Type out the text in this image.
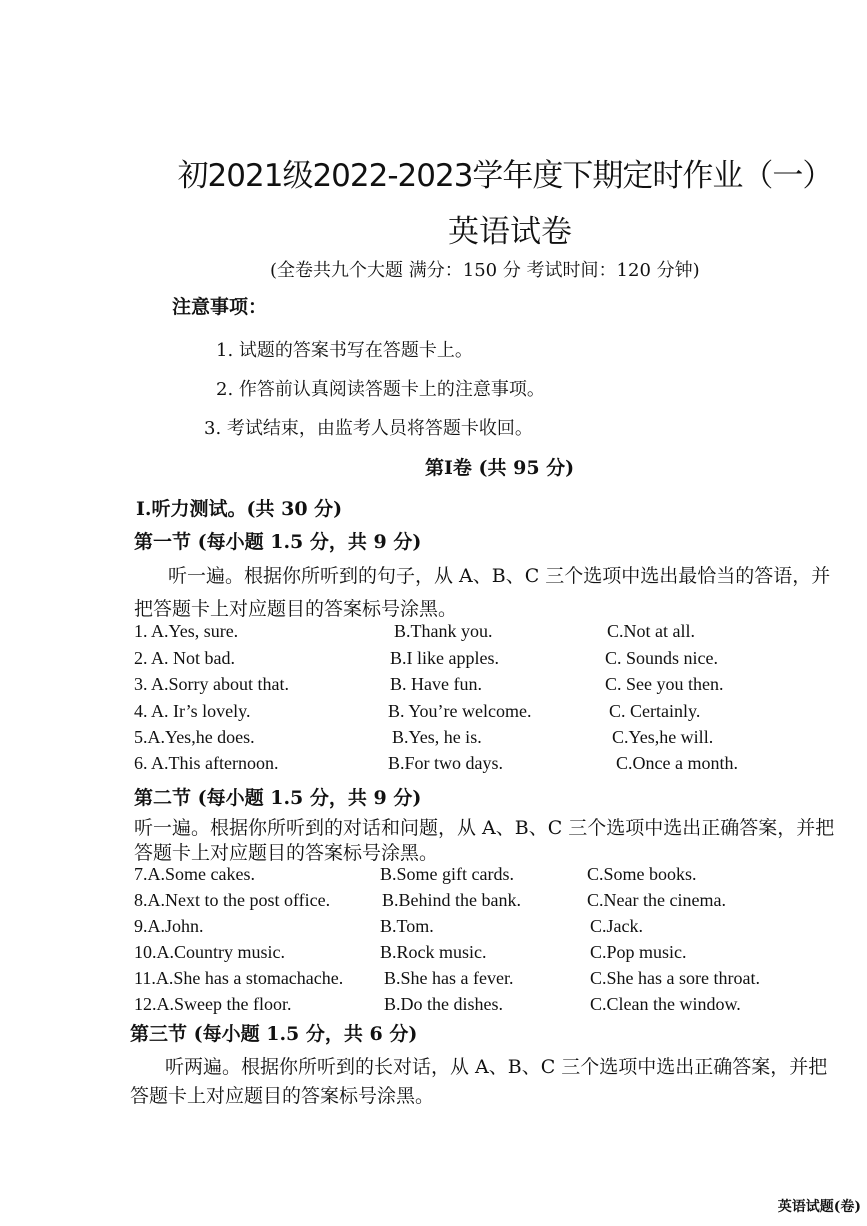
初2021级2022-2023学年度下期定时作业（一）
英语试卷
(全卷共九个大题 满分：150 分 考试时间：120 分钟)
注意事项：
1. 试题的答案书写在答题卡上。
2. 作答前认真阅读答题卡上的注意事项。
3. 考试结束，由监考人员将答题卡收回。
第Ⅰ卷 (共 95 分)
Ⅰ.听力测试。(共 30 分)
第一节 (每小题 1.5 分，共 9 分)
听一遍。根据你所听到的句子，从 A、B、C 三个选项中选出最恰当的答语，并
把答题卡上对应题目的答案标号涂黑。
1. A.Yes, sure.	B.Thank you.	C.Not at all.
2. A. Not bad.	B.I like apples.	C. Sounds nice.
3. A.Sorry about that.	B. Have fun.	C. See you then.
4. A. Ir’s lovely.	B. You’re welcome.	C. Certainly.
5.A.Yes,he does.	B.Yes, he is.	C.Yes,he will.
6. A.This afternoon.	B.For two days.	C.Once a month.
第二节 (每小题 1.5 分，共 9 分)
听一遍。根据你所听到的对话和问题，从 A、B、C 三个选项中选出正确答案，并把
答题卡上对应题目的答案标号涂黑。
7.A.Some cakes.	B.Some gift cards.	C.Some books.
8.A.Next to the post office.	B.Behind the bank.	C.Near the cinema.
9.A.John.	B.Tom.	C.Jack.
10.A.Country music.	B.Rock music.	C.Pop music.
11.A.She has a stomachache. B.She has a fever.	C.She has a sore throat.
12.A.Sweep the floor.	B.Do the dishes.	C.Clean the window.
第三节 (每小题 1.5 分，共 6 分)
听两遍。根据你所听到的长对话，从 A、B、C 三个选项中选出正确答案，并把
答题卡上对应题目的答案标号涂黑。
英语试题(卷)
